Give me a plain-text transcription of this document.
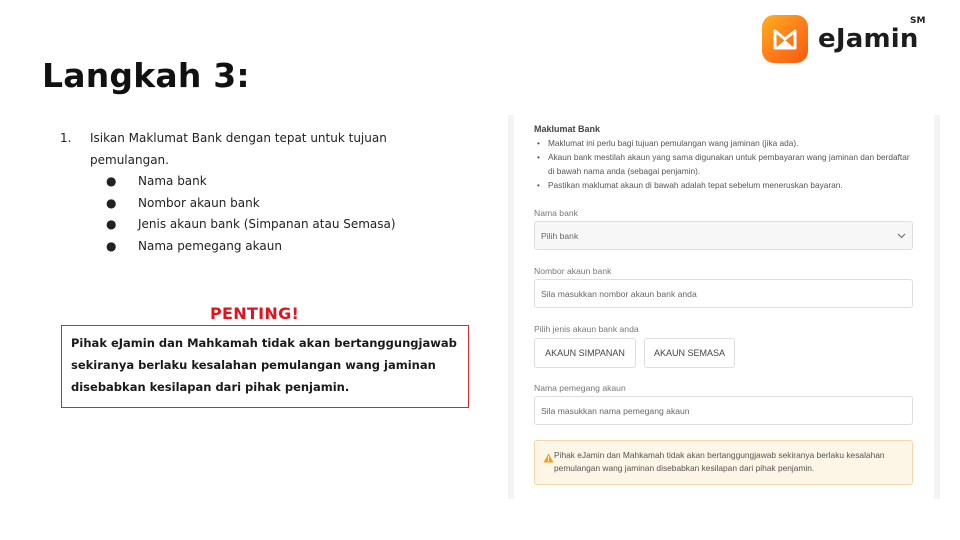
eJamin
SM
Langkah 3:
1.	Isikan Maklumat Bank dengan tepat untuk tujuan pemulangan.
●	Nama bank
●	Nombor akaun bank
●	Jenis akaun bank (Simpanan atau Semasa)
●	Nama pemegang akaun
PENTING!
Pihak eJamin dan Mahkamah tidak akan bertanggungjawab sekiranya berlaku kesalahan pemulangan wang jaminan disebabkan kesilapan dari pihak penjamin.
Maklumat Bank
• Maklumat ini perlu bagi tujuan pemulangan wang jaminan (jika ada).
• Akaun bank mestilah akaun yang sama digunakan untuk pembayaran wang jaminan dan berdaftar di bawah nama anda (sebagai penjamin).
• Pastikan maklumat akaun di bawah adalah tepat sebelum meneruskan bayaran.
Nama bank
Pilih bank
Nombor akaun bank
Sila masukkan nombor akaun bank anda
Pilih jenis akaun bank anda
AKAUN SIMPANAN	AKAUN SEMASA
Nama pemegang akaun
Sila masukkan nama pemegang akaun
Pihak eJamin dan Mahkamah tidak akan bertanggungjawab sekiranya berlaku kesalahan pemulangan wang jaminan disebabkan kesilapan dari pihak penjamin.
